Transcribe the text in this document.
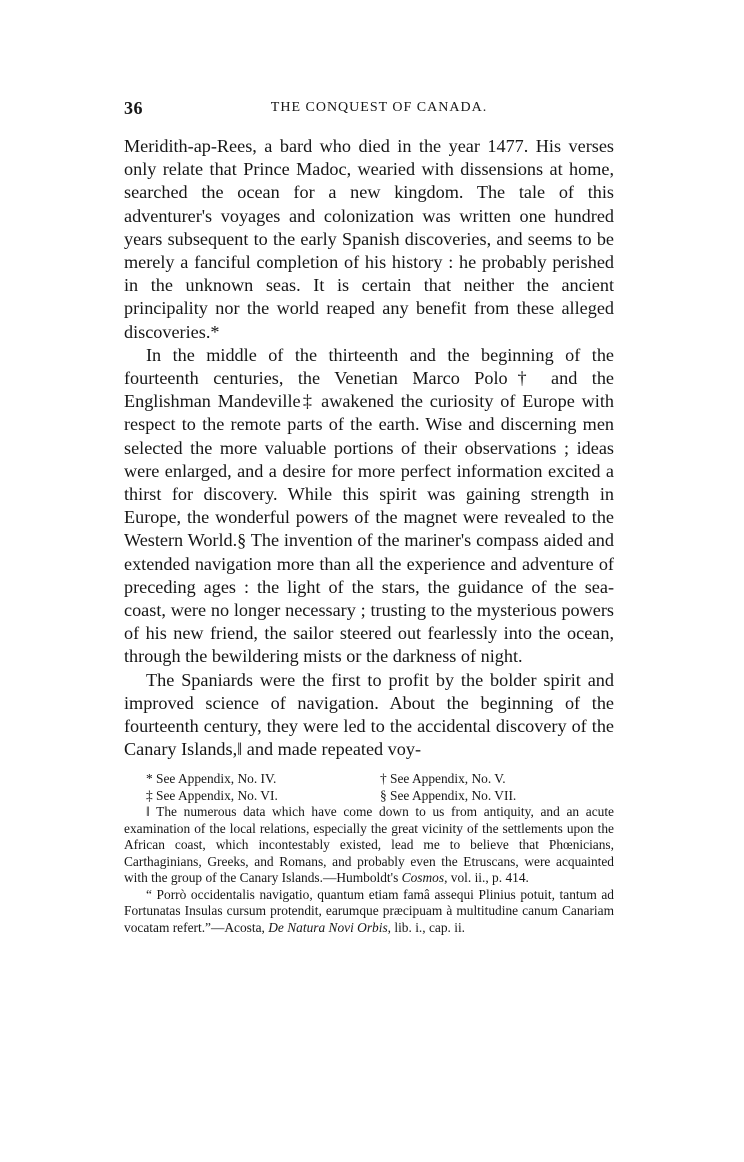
36	THE CONQUEST OF CANADA.

Meridith-ap-Rees, a bard who died in the year 1477. His verses only relate that Prince Madoc, wearied with dissensions at home, searched the ocean for a new kingdom. The tale of this adventurer's voyages and colonization was written one hundred years subsequent to the early Spanish discoveries, and seems to be merely a fanciful completion of his history : he probably perished in the unknown seas. It is certain that neither the ancient principality nor the world reaped any benefit from these alleged discoveries.*

In the middle of the thirteenth and the beginning of the fourteenth centuries, the Venetian Marco Polo† and the Englishman Mandeville‡ awakened the curiosity of Europe with respect to the remote parts of the earth. Wise and discerning men selected the more valuable portions of their observations ; ideas were enlarged, and a desire for more perfect information excited a thirst for discovery. While this spirit was gaining strength in Europe, the wonderful powers of the magnet were revealed to the Western World.§ The invention of the mariner's compass aided and extended navigation more than all the experience and adventure of preceding ages : the light of the stars, the guidance of the sea-coast, were no longer necessary ; trusting to the mysterious powers of his new friend, the sailor steered out fearlessly into the ocean, through the bewildering mists or the darkness of night.

The Spaniards were the first to profit by the bolder spirit and improved science of navigation. About the beginning of the fourteenth century, they were led to the accidental discovery of the Canary Islands,‖ and made repeated voy-

* See Appendix, No. IV.	† See Appendix, No. V.
‡ See Appendix, No. VI.	§ See Appendix, No. VII.

‖ The numerous data which have come down to us from antiquity, and an acute examination of the local relations, especially the great vicinity of the settlements upon the African coast, which incontestably existed, lead me to believe that Phœnicians, Carthaginians, Greeks, and Romans, and probably even the Etruscans, were acquainted with the group of the Canary Islands.—Humboldt's Cosmos, vol. ii., p. 414.

“ Porrò occidentalis navigatio, quantum etiam famâ assequi Plinius potuit, tantum ad Fortunatas Insulas cursum protendit, earumque præcipuam à multitudine canum Canariam vocatam refert.”—Acosta, De Natura Novi Orbis, lib. i., cap. ii.
